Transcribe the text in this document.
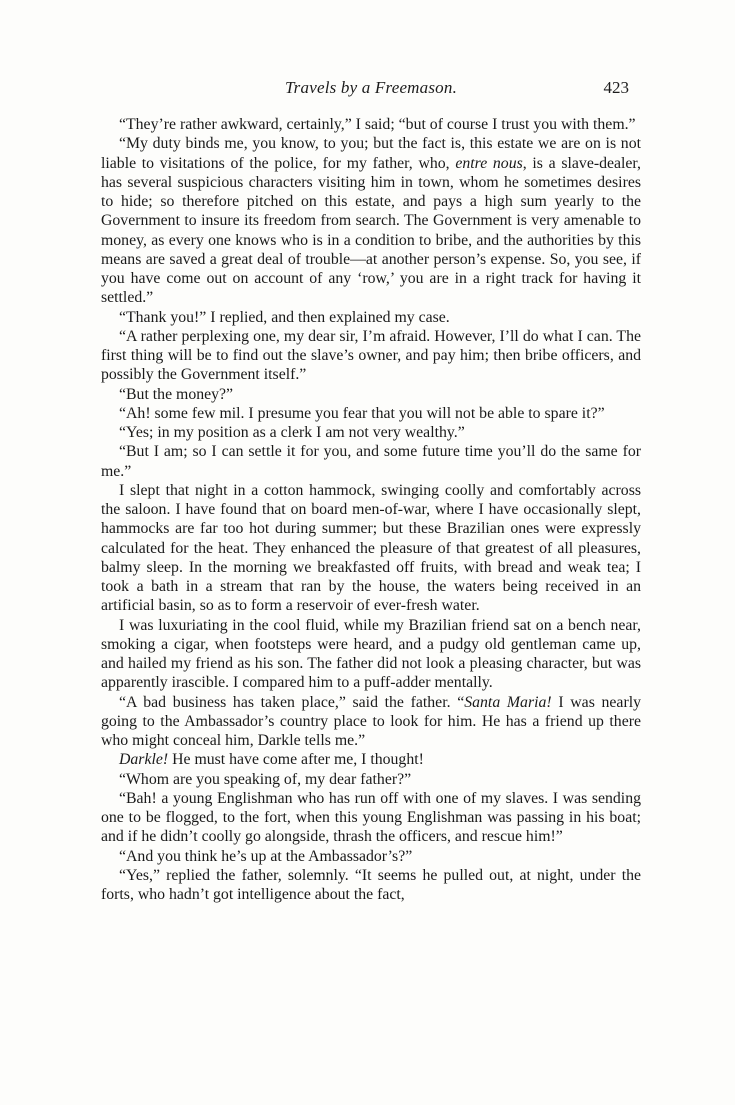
Travels by a Freemason.	423

“They’re rather awkward, certainly,” I said; “but of course I trust you with them.”

“My duty binds me, you know, to you; but the fact is, this estate we are on is not liable to visitations of the police, for my father, who, entre nous, is a slave-dealer, has several suspicious characters visiting him in town, whom he sometimes desires to hide; so therefore pitched on this estate, and pays a high sum yearly to the Government to insure its freedom from search. The Government is very amenable to money, as every one knows who is in a condition to bribe, and the authorities by this means are saved a great deal of trouble—at another person’s expense. So, you see, if you have come out on account of any ‘row,’ you are in a right track for having it settled.”

“Thank you!” I replied, and then explained my case.

“A rather perplexing one, my dear sir, I’m afraid. However, I’ll do what I can. The first thing will be to find out the slave’s owner, and pay him; then bribe officers, and possibly the Government itself.”

“But the money?”

“Ah! some few mil. I presume you fear that you will not be able to spare it?”

“Yes; in my position as a clerk I am not very wealthy.”

“But I am; so I can settle it for you, and some future time you’ll do the same for me.”

I slept that night in a cotton hammock, swinging coolly and comfortably across the saloon. I have found that on board men-of-war, where I have occasionally slept, hammocks are far too hot during summer; but these Brazilian ones were expressly calculated for the heat. They enhanced the pleasure of that greatest of all pleasures, balmy sleep. In the morning we breakfasted off fruits, with bread and weak tea; I took a bath in a stream that ran by the house, the waters being received in an artificial basin, so as to form a reservoir of ever-fresh water.

I was luxuriating in the cool fluid, while my Brazilian friend sat on a bench near, smoking a cigar, when footsteps were heard, and a pudgy old gentleman came up, and hailed my friend as his son. The father did not look a pleasing character, but was apparently irascible. I compared him to a puff-adder mentally.

“A bad business has taken place,” said the father. “Santa Maria! I was nearly going to the Ambassador’s country place to look for him. He has a friend up there who might conceal him, Darkle tells me.”

Darkle! He must have come after me, I thought!

“Whom are you speaking of, my dear father?”

“Bah! a young Englishman who has run off with one of my slaves. I was sending one to be flogged, to the fort, when this young Englishman was passing in his boat; and if he didn’t coolly go alongside, thrash the officers, and rescue him!”

“And you think he’s up at the Ambassador’s?”

“Yes,” replied the father, solemnly. “It seems he pulled out, at night, under the forts, who hadn’t got intelligence about the fact,
